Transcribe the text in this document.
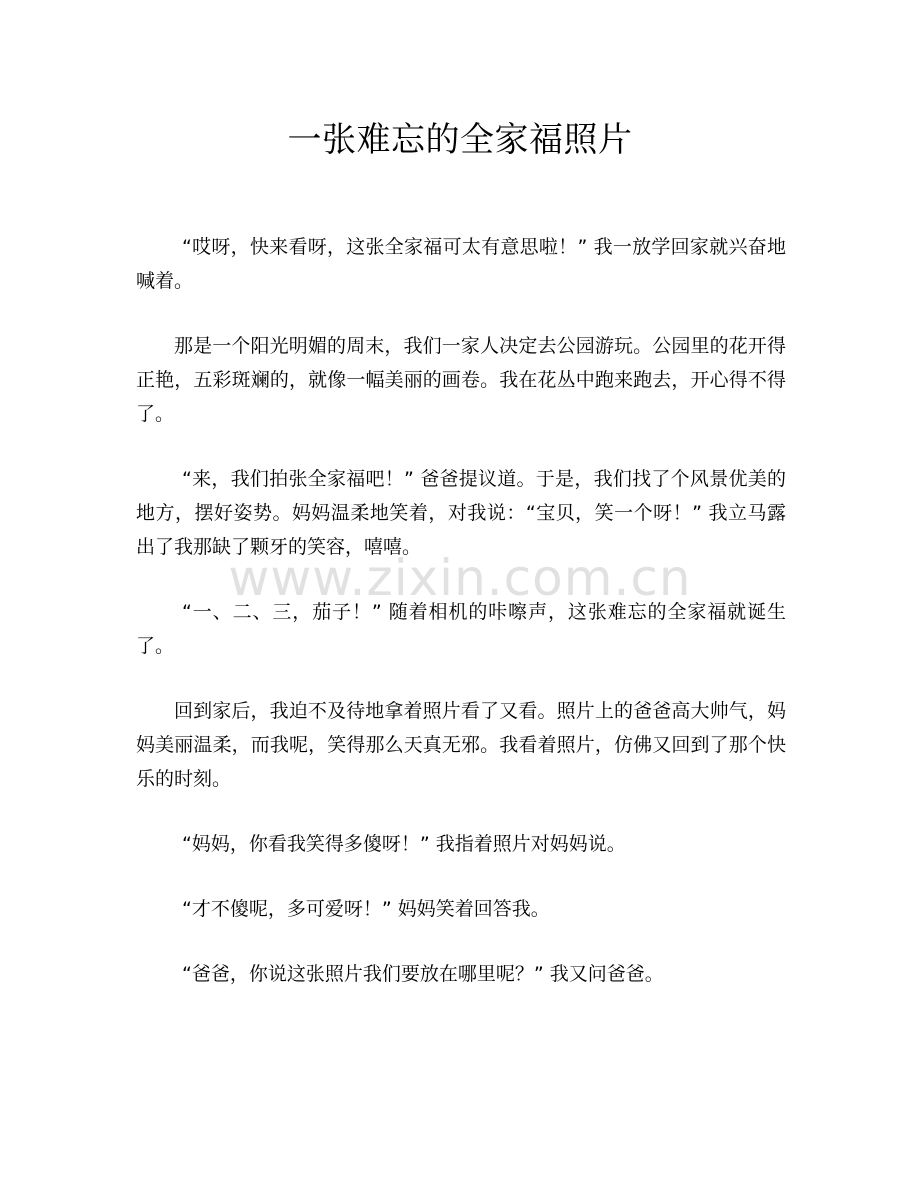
一张难忘的全家福照片

“哎呀，快来看呀，这张全家福可太有意思啦！” 我一放学回家就兴奋地喊着。

那是一个阳光明媚的周末，我们一家人决定去公园游玩。公园里的花开得正艳，五彩斑斓的，就像一幅美丽的画卷。我在花丛中跑来跑去，开心得不得了。

“来，我们拍张全家福吧！” 爸爸提议道。于是，我们找了个风景优美的地方，摆好姿势。妈妈温柔地笑着，对我说：“宝贝，笑一个呀！” 我立马露出了我那缺了颗牙的笑容，嘻嘻。

“一、二、三，茄子！” 随着相机的咔嚓声，这张难忘的全家福就诞生了。

回到家后，我迫不及待地拿着照片看了又看。照片上的爸爸高大帅气，妈妈美丽温柔，而我呢，笑得那么天真无邪。我看着照片，仿佛又回到了那个快乐的时刻。

“妈妈，你看我笑得多傻呀！” 我指着照片对妈妈说。

“才不傻呢，多可爱呀！” 妈妈笑着回答我。

“爸爸，你说这张照片我们要放在哪里呢？” 我又问爸爸。

www.zixin.com.cn
